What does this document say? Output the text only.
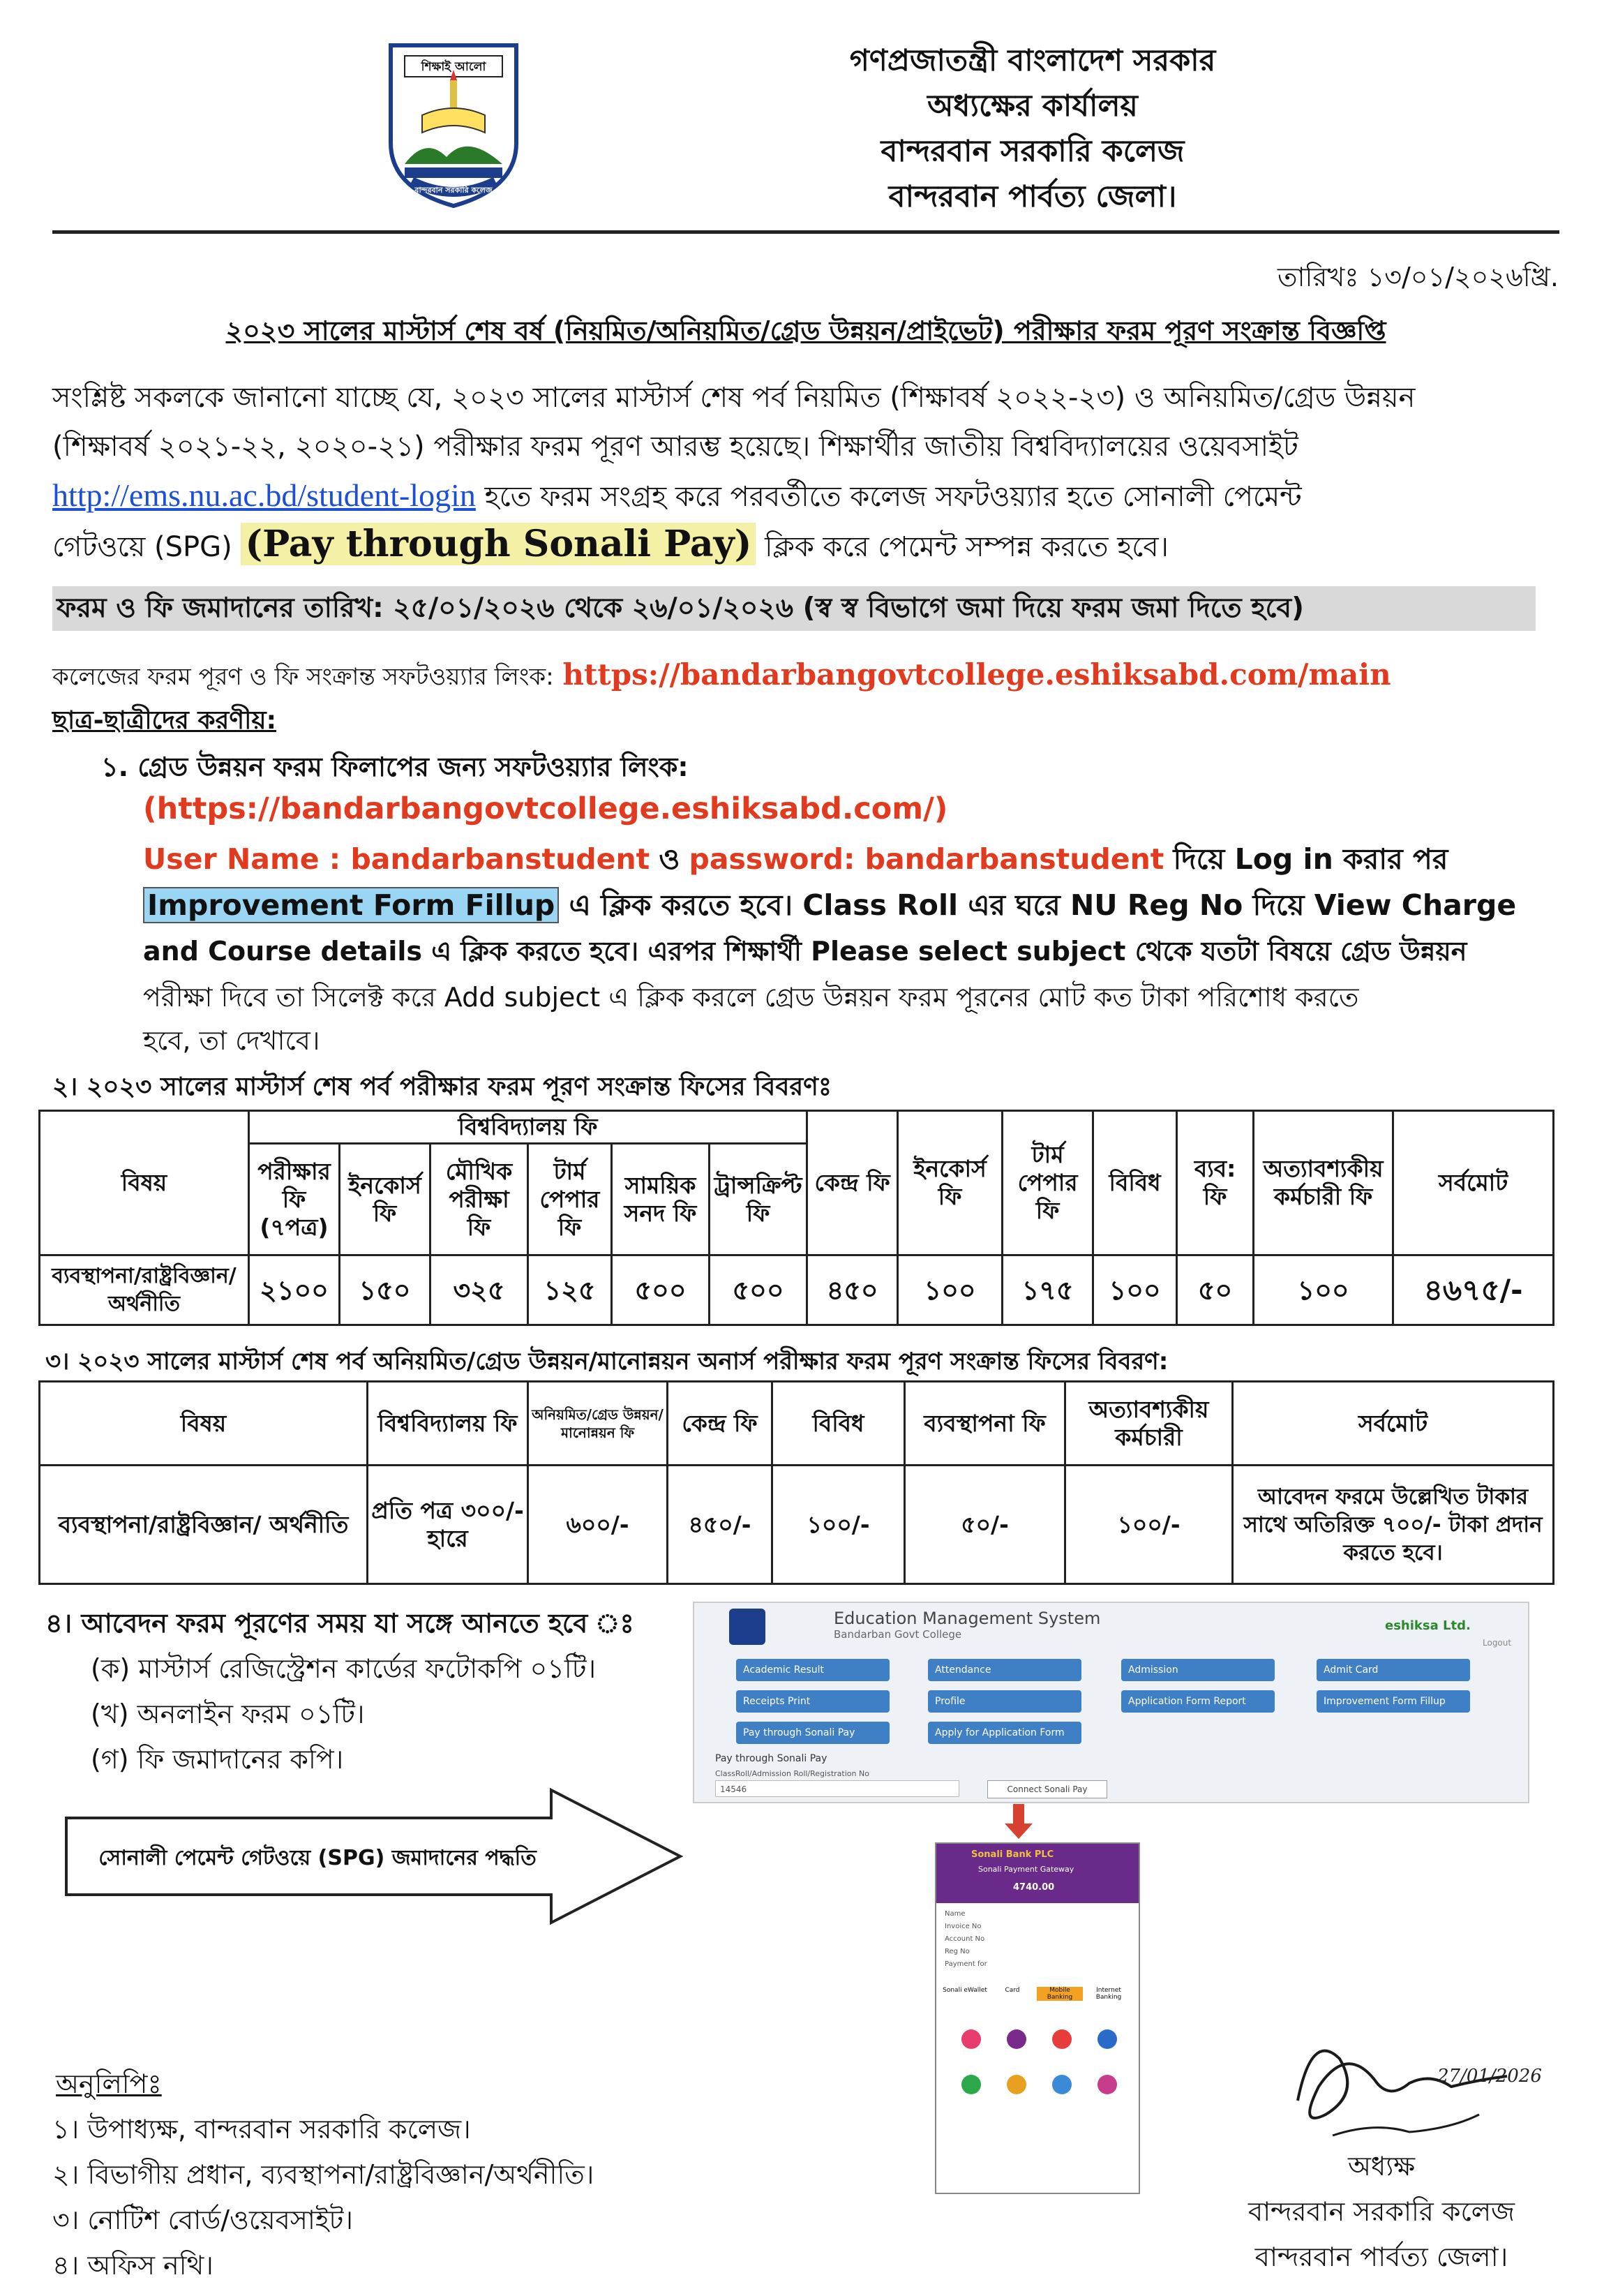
শিক্ষাই আলো
বান্দরবান সরকারি কলেজ
গণপ্রজাতন্ত্রী বাংলাদেশ সরকার
অধ্যক্ষের কার্যালয়
বান্দরবান সরকারি কলেজ
বান্দরবান পার্বত্য জেলা।
তারিখঃ ১৩/০১/২০২৬খ্রি.
২০২৩ সালের মাস্টার্স শেষ বর্ষ (নিয়মিত/অনিয়মিত/গ্রেড উন্নয়ন/প্রাইভেট) পরীক্ষার ফরম পূরণ সংক্রান্ত বিজ্ঞপ্তি
সংশ্লিষ্ট সকলকে জানানো যাচ্ছে যে, ২০২৩ সালের মাস্টার্স শেষ পর্ব নিয়মিত (শিক্ষাবর্ষ ২০২২-২৩) ও অনিয়মিত/গ্রেড উন্নয়ন
(শিক্ষাবর্ষ ২০২১-২২, ২০২০-২১) পরীক্ষার ফরম পূরণ আরম্ভ হয়েছে। শিক্ষার্থীর জাতীয় বিশ্ববিদ্যালয়ের ওয়েবসাইট
http://ems.nu.ac.bd/student-login হতে ফরম সংগ্রহ করে পরবর্তীতে কলেজ সফটওয়্যার হতে সোনালী পেমেন্ট
গেটওয়ে (SPG) (Pay through Sonali Pay) ক্লিক করে পেমেন্ট সম্পন্ন করতে হবে।
ফরম ও ফি জমাদানের তারিখ: ২৫/০১/২০২৬ থেকে ২৬/০১/২০২৬ (স্ব স্ব বিভাগে জমা দিয়ে ফরম জমা দিতে হবে)
কলেজের ফরম পূরণ ও ফি সংক্রান্ত সফটওয়্যার লিংক: https://bandarbangovtcollege.eshiksabd.com/main
ছাত্র-ছাত্রীদের করণীয়:
১. গ্রেড উন্নয়ন ফরম ফিলাপের জন্য সফটওয়্যার লিংক:
(https://bandarbangovtcollege.eshiksabd.com/)
User Name : bandarbanstudent ও password: bandarbanstudent দিয়ে Log in করার পর
Improvement Form Fillup এ ক্লিক করতে হবে। Class Roll এর ঘরে NU Reg No দিয়ে View Charge
and Course details এ ক্লিক করতে হবে। এরপর শিক্ষার্থী Please select subject থেকে যতটা বিষয়ে গ্রেড উন্নয়ন
পরীক্ষা দিবে তা সিলেক্ট করে Add subject এ ক্লিক করলে গ্রেড উন্নয়ন ফরম পূরনের মোট কত টাকা পরিশোধ করতে
হবে, তা দেখাবে।
২। ২০২৩ সালের মাস্টার্স শেষ পর্ব পরীক্ষার ফরম পূরণ সংক্রান্ত ফিসের বিবরণঃ
বিষয়	বিশ্ববিদ্যালয় ফি						কেন্দ্র ফি	ইনকোর্স ফি	টার্ম পেপার ফি	বিবিধ	ব্যব: ফি	অত্যাবশ্যকীয় কর্মচারী ফি	সর্বমোট
	পরীক্ষার ফি (৭পত্র)	ইনকোর্স ফি	মৌখিক পরীক্ষা ফি	টার্ম পেপার ফি	সাময়িক সনদ ফি	ট্রান্সক্রিপ্ট ফি							
ব্যবস্থাপনা/রাষ্ট্রবিজ্ঞান/ অর্থনীতি	২১০০	১৫০	৩২৫	১২৫	৫০০	৫০০	৪৫০	১০০	১৭৫	১০০	৫০	১০০	৪৬৭৫/-
৩। ২০২৩ সালের মাস্টার্স শেষ পর্ব অনিয়মিত/গ্রেড উন্নয়ন/মানোন্নয়ন অনার্স পরীক্ষার ফরম পূরণ সংক্রান্ত ফিসের বিবরণ:
বিষয়	বিশ্ববিদ্যালয় ফি	অনিয়মিত/গ্রেড উন্নয়ন/মানোন্নয়ন ফি	কেন্দ্র ফি	বিবিধ	ব্যবস্থাপনা ফি	অত্যাবশ্যকীয় কর্মচারী	সর্বমোট
ব্যবস্থাপনা/রাষ্ট্রবিজ্ঞান/ অর্থনীতি	প্রতি পত্র ৩০০/- হারে	৬০০/-	৪৫০/-	১০০/-	৫০/-	১০০/-	আবেদন ফরমে উল্লেখিত টাকার সাথে অতিরিক্ত ৭০০/- টাকা প্রদান করতে হবে।
৪। আবেদন ফরম পূরণের সময় যা সঙ্গে আনতে হবে ঃ
(ক) মাস্টার্স রেজিস্ট্রেশন কার্ডের ফটোকপি ০১টি।
(খ) অনলাইন ফরম ০১টি।
(গ) ফি জমাদানের কপি।
সোনালী পেমেন্ট গেটওয়ে (SPG) জমাদানের পদ্ধতি
Education Management System
Bandarban Govt College
eshiksa Ltd.
Logout
Academic Result	Attendance	Admission	Admit Card
Receipts Print	Profile	Application Form Report	Improvement Form Fillup
Pay through Sonali Pay	Apply for Application Form
Pay through Sonali Pay
ClassRoll/Admission Roll/Registration No
14546	Connect Sonali Pay
Sonali Bank PLC
Sonali Payment Gateway
4740.00
Name
Invoice No
Account No
Reg No
Payment for
Sonali eWallet	Card	Mobile Banking
Internet Banking
27/01/2026
অধ্যক্ষ
বান্দরবান সরকারি কলেজ
বান্দরবান পার্বত্য জেলা।
অনুলিপিঃ
১। উপাধ্যক্ষ, বান্দরবান সরকারি কলেজ।
২। বিভাগীয় প্রধান, ব্যবস্থাপনা/রাষ্ট্রবিজ্ঞান/অর্থনীতি।
৩। নোটিশ বোর্ড/ওয়েবসাইট।
৪। অফিস নথি।
